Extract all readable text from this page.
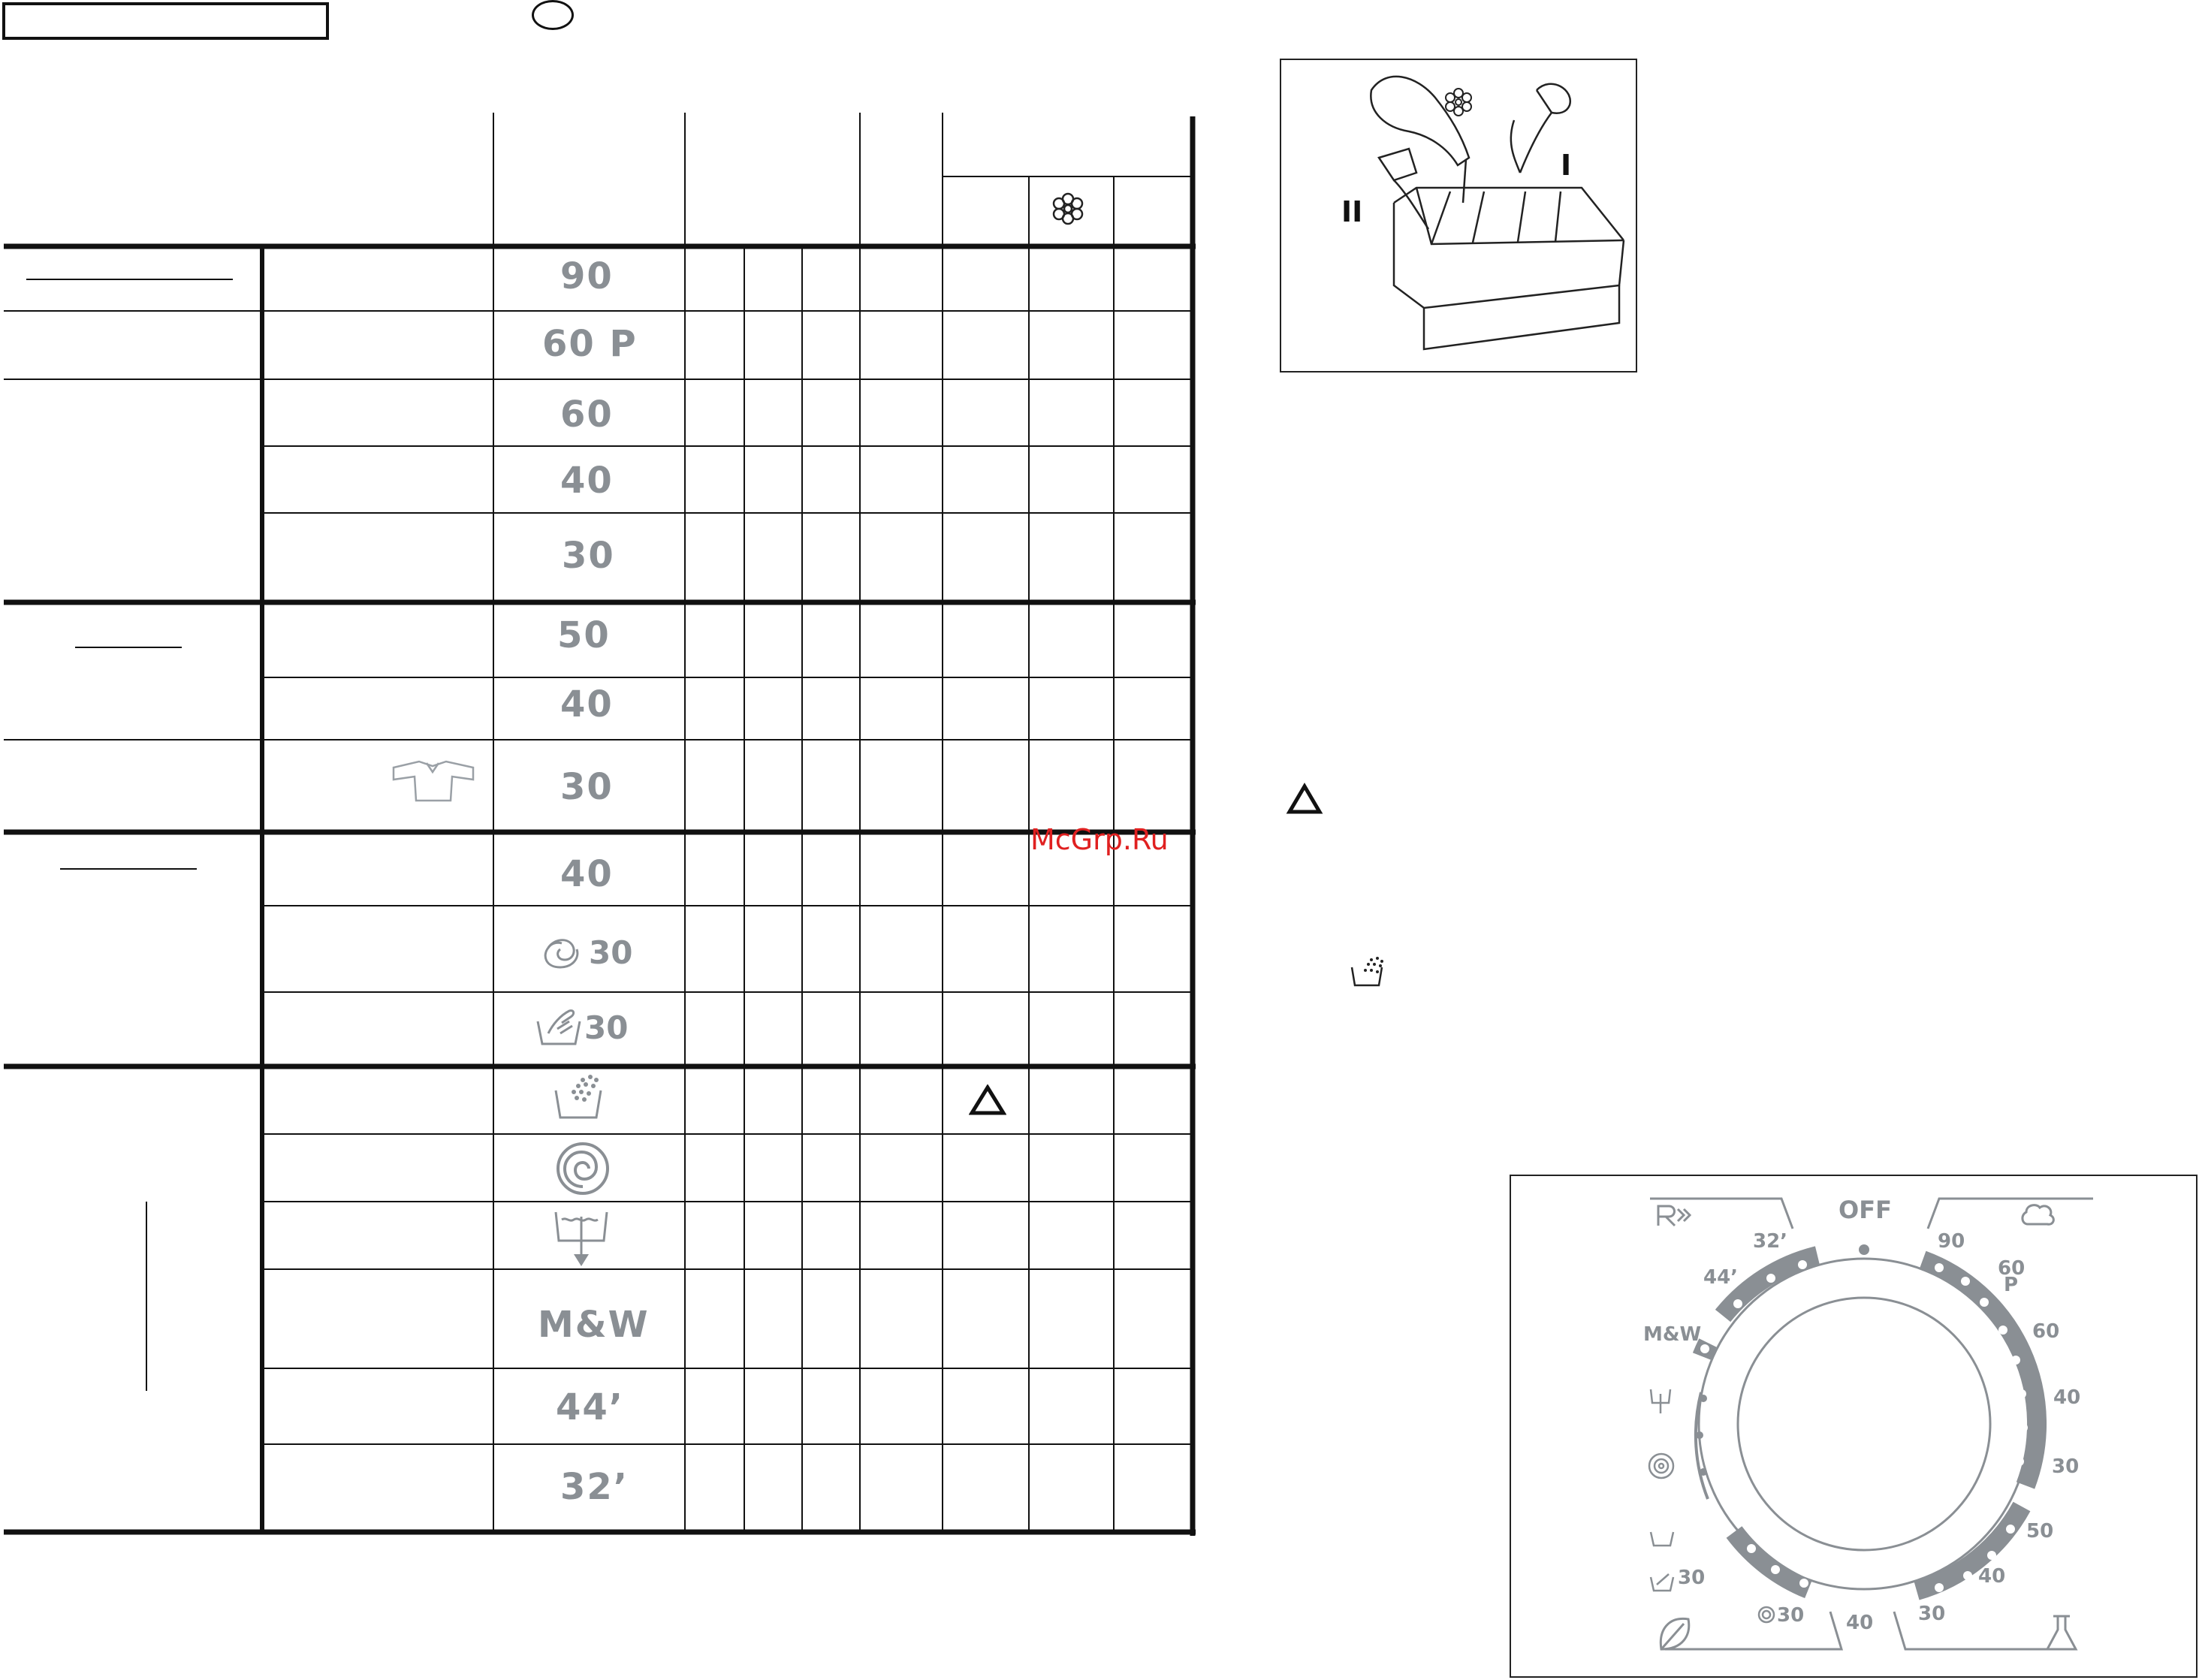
90
60 P
60
40
30
50
40
30
40
30
30
M&W
44’
32’
McGrp.Ru
II
I
OFF
90
60
P
60
40
30
50
40
30
32’
44’
M&W
30
30 40
